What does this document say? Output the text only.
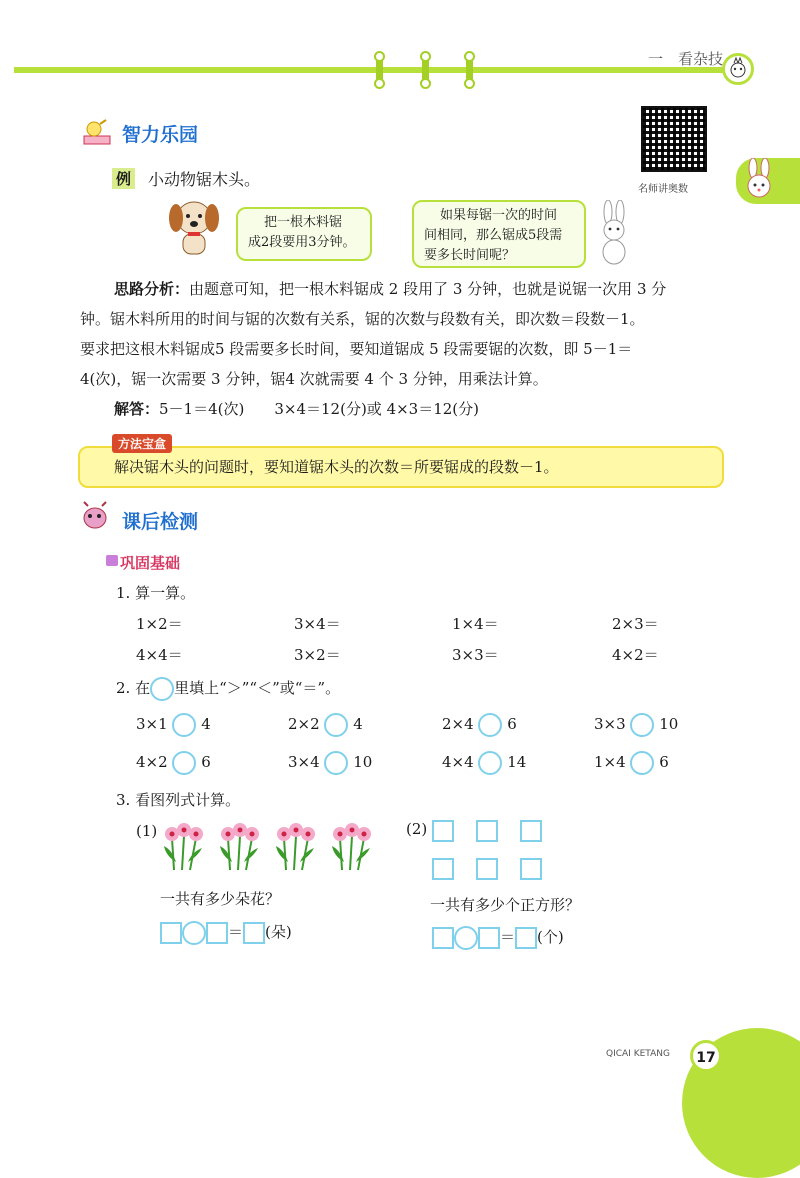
一　看杂技
智力乐园
名师讲奥数
例 小动物锯木头。
把一根木料锯
成2段要用3分钟。
如果每锯一次的时间
间相同，那么锯成5段需
要多长时间呢？
思路分析：由题意可知，把一根木料锯成 2 段用了 3 分钟，也就是说锯一次用 3 分
钟。锯木料所用的时间与锯的次数有关系，锯的次数与段数有关，即次数＝段数－1。
要求把这根木料锯成5 段需要多长时间，要知道锯成 5 段需要锯的次数，即 5－1＝
4(次)，锯一次需要 3 分钟，锯4 次就需要 4 个 3 分钟，用乘法计算。
解答：5－1＝4(次)　　3×4＝12(分)或 4×3＝12(分)
方法宝盒
解决锯木头的问题时，要知道锯木头的次数＝所要锯成的段数－1。
课后检测
巩固基础
1. 算一算。
1×2＝	3×4＝	1×4＝	2×3＝
4×4＝	3×2＝	3×3＝	4×2＝
2. 在 里填上“＞”“＜”或“＝”。
3×1 4	2×2 4	2×4 6	3×3 10
4×2 6	3×4 10	4×4 14	1×4 6
3. 看图列式计算。
(1)
一共有多少朵花？
＝ (朵)
(2)
一共有多少个正方形？
＝ (个)
QICAI KETANG	17
